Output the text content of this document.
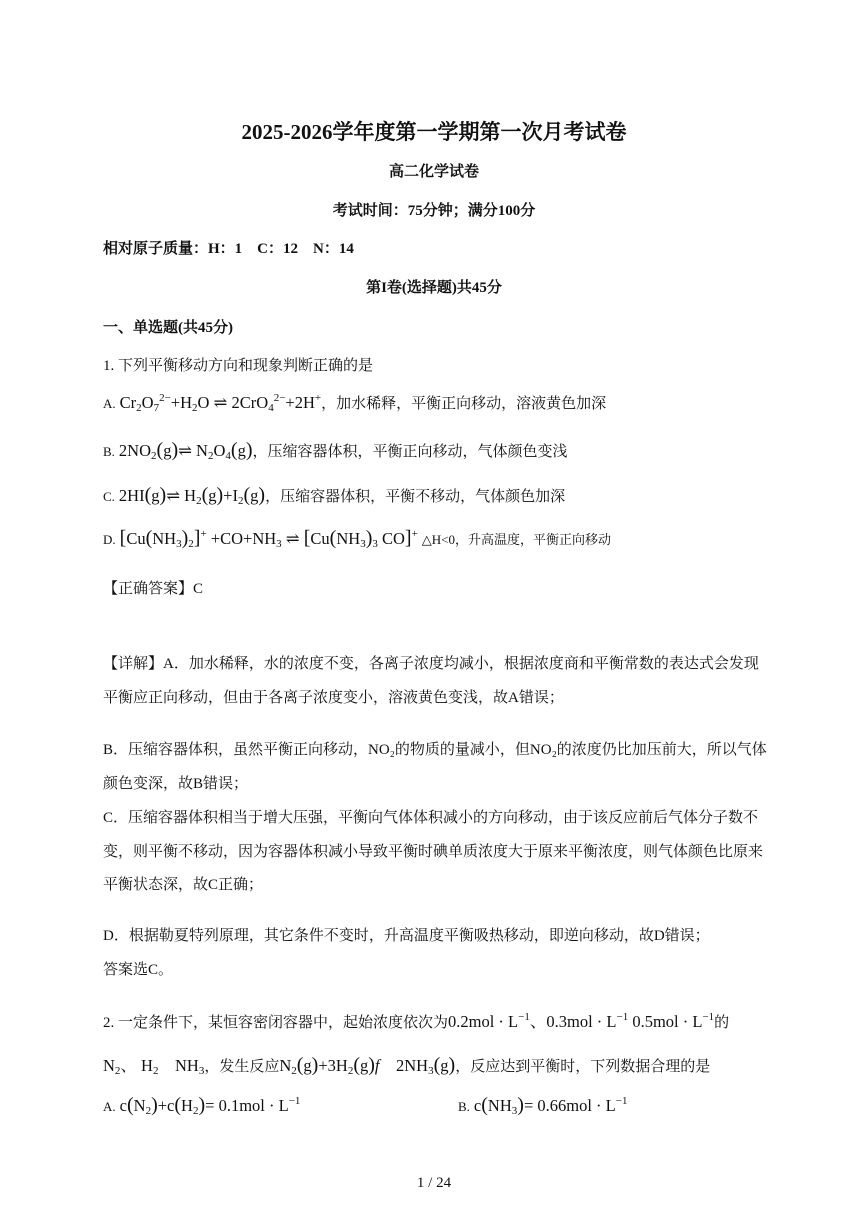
2025-2026学年度第一学期第一次月考试卷
高二化学试卷
考试时间：75分钟；满分100分
相对原子质量：H：1　C：12　N：14
第I卷(选择题)共45分
一、单选题(共45分)
1. 下列平衡移动方向和现象判断正确的是
A. $Cr_2O_7^{2-}+H_2O$ ⇌ 2CrO$_4^{2-}$+2H+，加水稀释，平衡正向移动，溶液黄色加深
B. $2NO_2(g)\rightleftharpoons$ $N_2O_4(g)$，压缩容器体积，平衡正向移动，气体颜色变浅
C. 2HI(g)⇌ $H_2(g)+I_2(g)$，压缩容器体积，平衡不移动，气体颜色加深
D. $[Cu(NH_3)_2]^+ +CO+NH_3$ ⇌ [$Cu(NH_3)_3$ CO]+ △H<0，升高温度，平衡正向移动
【正确答案】C
【详解】A．加水稀释，水的浓度不变，各离子浓度均减小，根据浓度商和平衡常数的表达式会发现平衡应正向移动，但由于各离子浓度变小，溶液黄色变浅，故A错误；
B．压缩容器体积，虽然平衡正向移动，NO₂的物质的量减小，但NO₂的浓度仍比加压前大，所以气体颜色变深，故B错误；
C．压缩容器体积相当于增大压强，平衡向气体体积减小的方向移动，由于该反应前后气体分子数不变，则平衡不移动，因为容器体积减小导致平衡时碘单质浓度大于原来平衡浓度，则气体颜色比原来平衡状态深，故C正确；
D．根据勒夏特列原理，其它条件不变时，升高温度平衡吸热移动，即逆向移动，故D错误；
答案选C。
2. 一定条件下，某恒容密闭容器中，起始浓度依次为$0.2mol \cdot L^{-1}$、$0.3mol \cdot L^{-1}$ $0.5mol \cdot L^{-1}$的
$N_2$、 $H_2$　$NH_3$，发生反应$N_2(g)+3H_2(g)f$　$2NH_3(g)$，反应达到平衡时，下列数据合理的是
A. $c(N_2)+c(H_2)= 0.1mol \cdot L^{-1}$	B. $c(NH_3)= 0.66mol \cdot L^{-1}$
1 / 24
